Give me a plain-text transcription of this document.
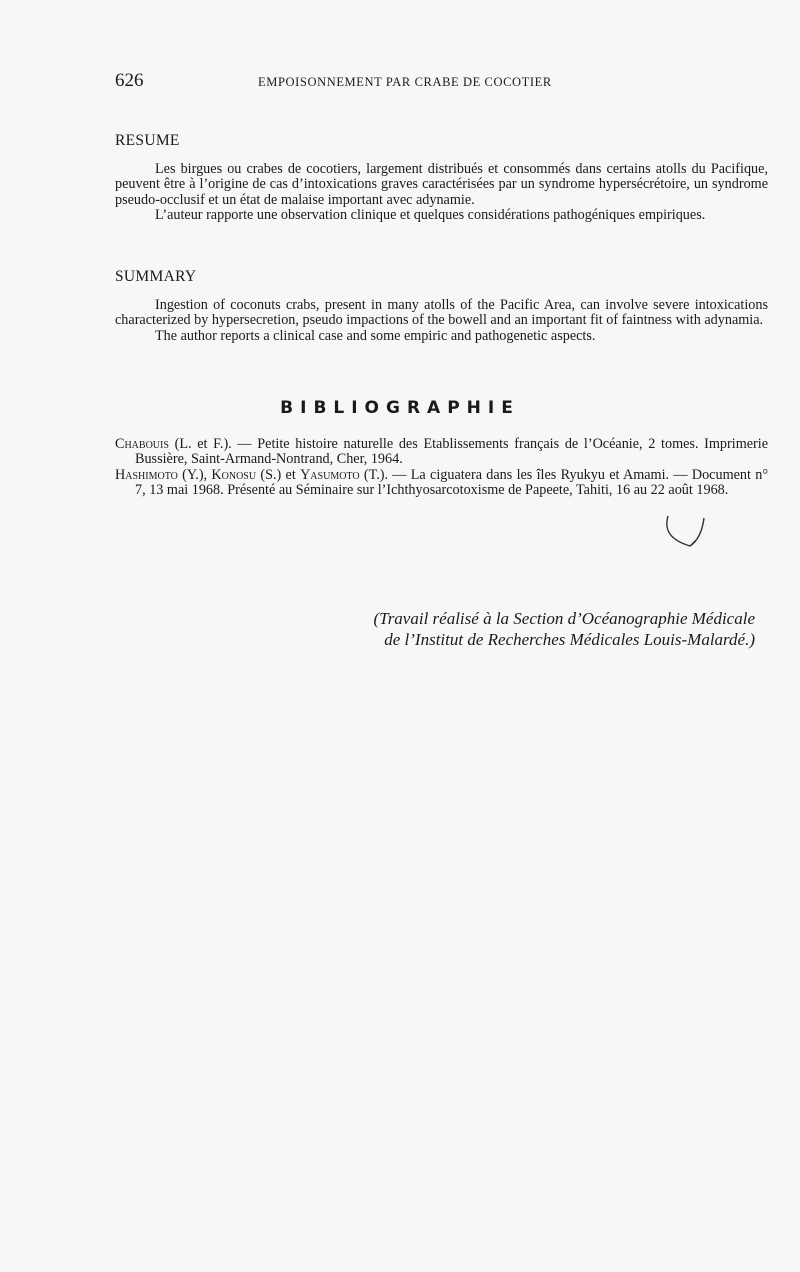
626	EMPOISONNEMENT PAR CRABE DE COCOTIER
RESUME

Les birgues ou crabes de cocotiers, largement distribués et consommés dans certains atolls du Pacifique, peuvent être à l’origine de cas d’intoxications graves caractérisées par un syndrome hypersécrétoire, un syndrome pseudo-occlusif et un état de malaise important avec adynamie.

L’auteur rapporte une observation clinique et quelques considérations pathogéniques empiriques.

SUMMARY

Ingestion of coconuts crabs, present in many atolls of the Pacific Area, can involve severe intoxications characterized by hypersecretion, pseudo impactions of the bowell and an important fit of faintness with adynamia.

The author reports a clinical case and some empiric and pathogenetic aspects.

BIBLIOGRAPHIE

Chabouis (L. et F.). — Petite histoire naturelle des Etablissements français de l’Océanie, 2 tomes. Imprimerie Bussière, Saint-Armand-Nontrand, Cher, 1964.

Hashimoto (Y.), Konosu (S.) et Yasumoto (T.). — La ciguatera dans les îles Ryukyu et Amami. — Document n° 7, 13 mai 1968. Présenté au Séminaire sur l’Ichthyosarcotoxisme de Papeete, Tahiti, 16 au 22 août 1968.

(Travail réalisé à la Section d’Océanographie Médicale
de l’Institut de Recherches Médicales Louis-Malardé.)
